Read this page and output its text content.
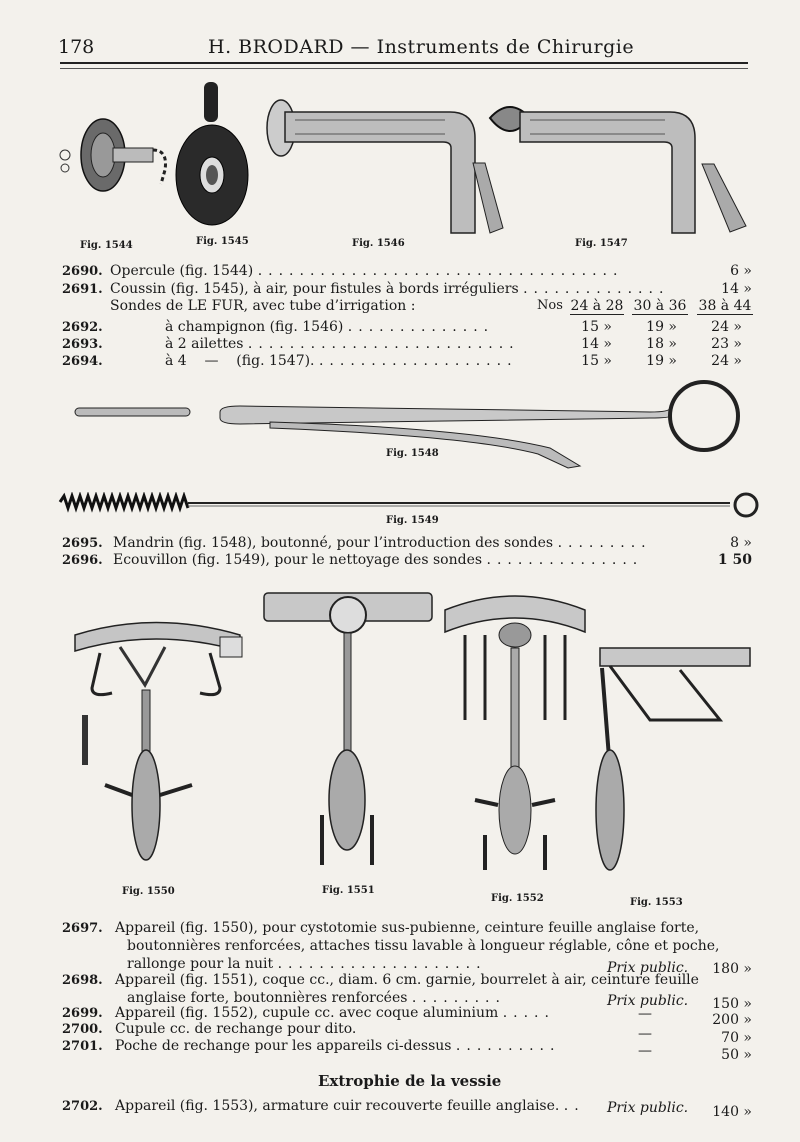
178	H. BRODARD — Instruments de Chirurgie
Fig. 1544	Fig. 1545	Fig. 1546	Fig. 1547
2690. Opercule (fig. 1544) ...................................	6 »
2691. Coussin (fig. 1545), à air, pour fistules à bords irréguliers ..............	14 »
Sondes de LE FUR, avec tube d’irrigation :	Nos 24 à 28 30 à 36 38 à 44
2692.	à champignon (fig. 1546) ..............	15 »	19 »	24 »
2693.	à 2 ailettes ..........................	14 »	18 »	23 »
2694.	à 4    —    (fig. 1547). ...................	15 »	19 »	24 »
Fig. 1548
Fig. 1549
2695. Mandrin (fig. 1548), boutonné, pour l’introduction des sondes .........	8 »
2696. Ecouvillon (fig. 1549), pour le nettoyage des sondes ...............	1 50
Fig. 1550	Fig. 1551
Fig. 1552	Fig. 1553
2697. Appareil (fig. 1550), pour cystotomie sus-pubienne, ceinture feuille anglaise forte,
boutonnières renforcées, attaches tissu lavable à longueur réglable, cône et poche,
rallonge pour la nuit ....................	Prix public.	180 »
2698. Appareil (fig. 1551), coque cc., diam. 6 cm. garnie, bourrelet à air, ceinture feuille
anglaise forte, boutonnières renforcées .........	Prix public.	150 »
2699. Appareil (fig. 1552), cupule cc. avec coque aluminium .....	—	200 »
2700. Cupule cc. de rechange pour dito.	—	70 »
2701. Poche de rechange pour les appareils ci-dessus ..........	—	50 »
Extrophie de la vessie
2702. Appareil (fig. 1553), armature cuir recouverte feuille anglaise. .. Prix public.	140 »
